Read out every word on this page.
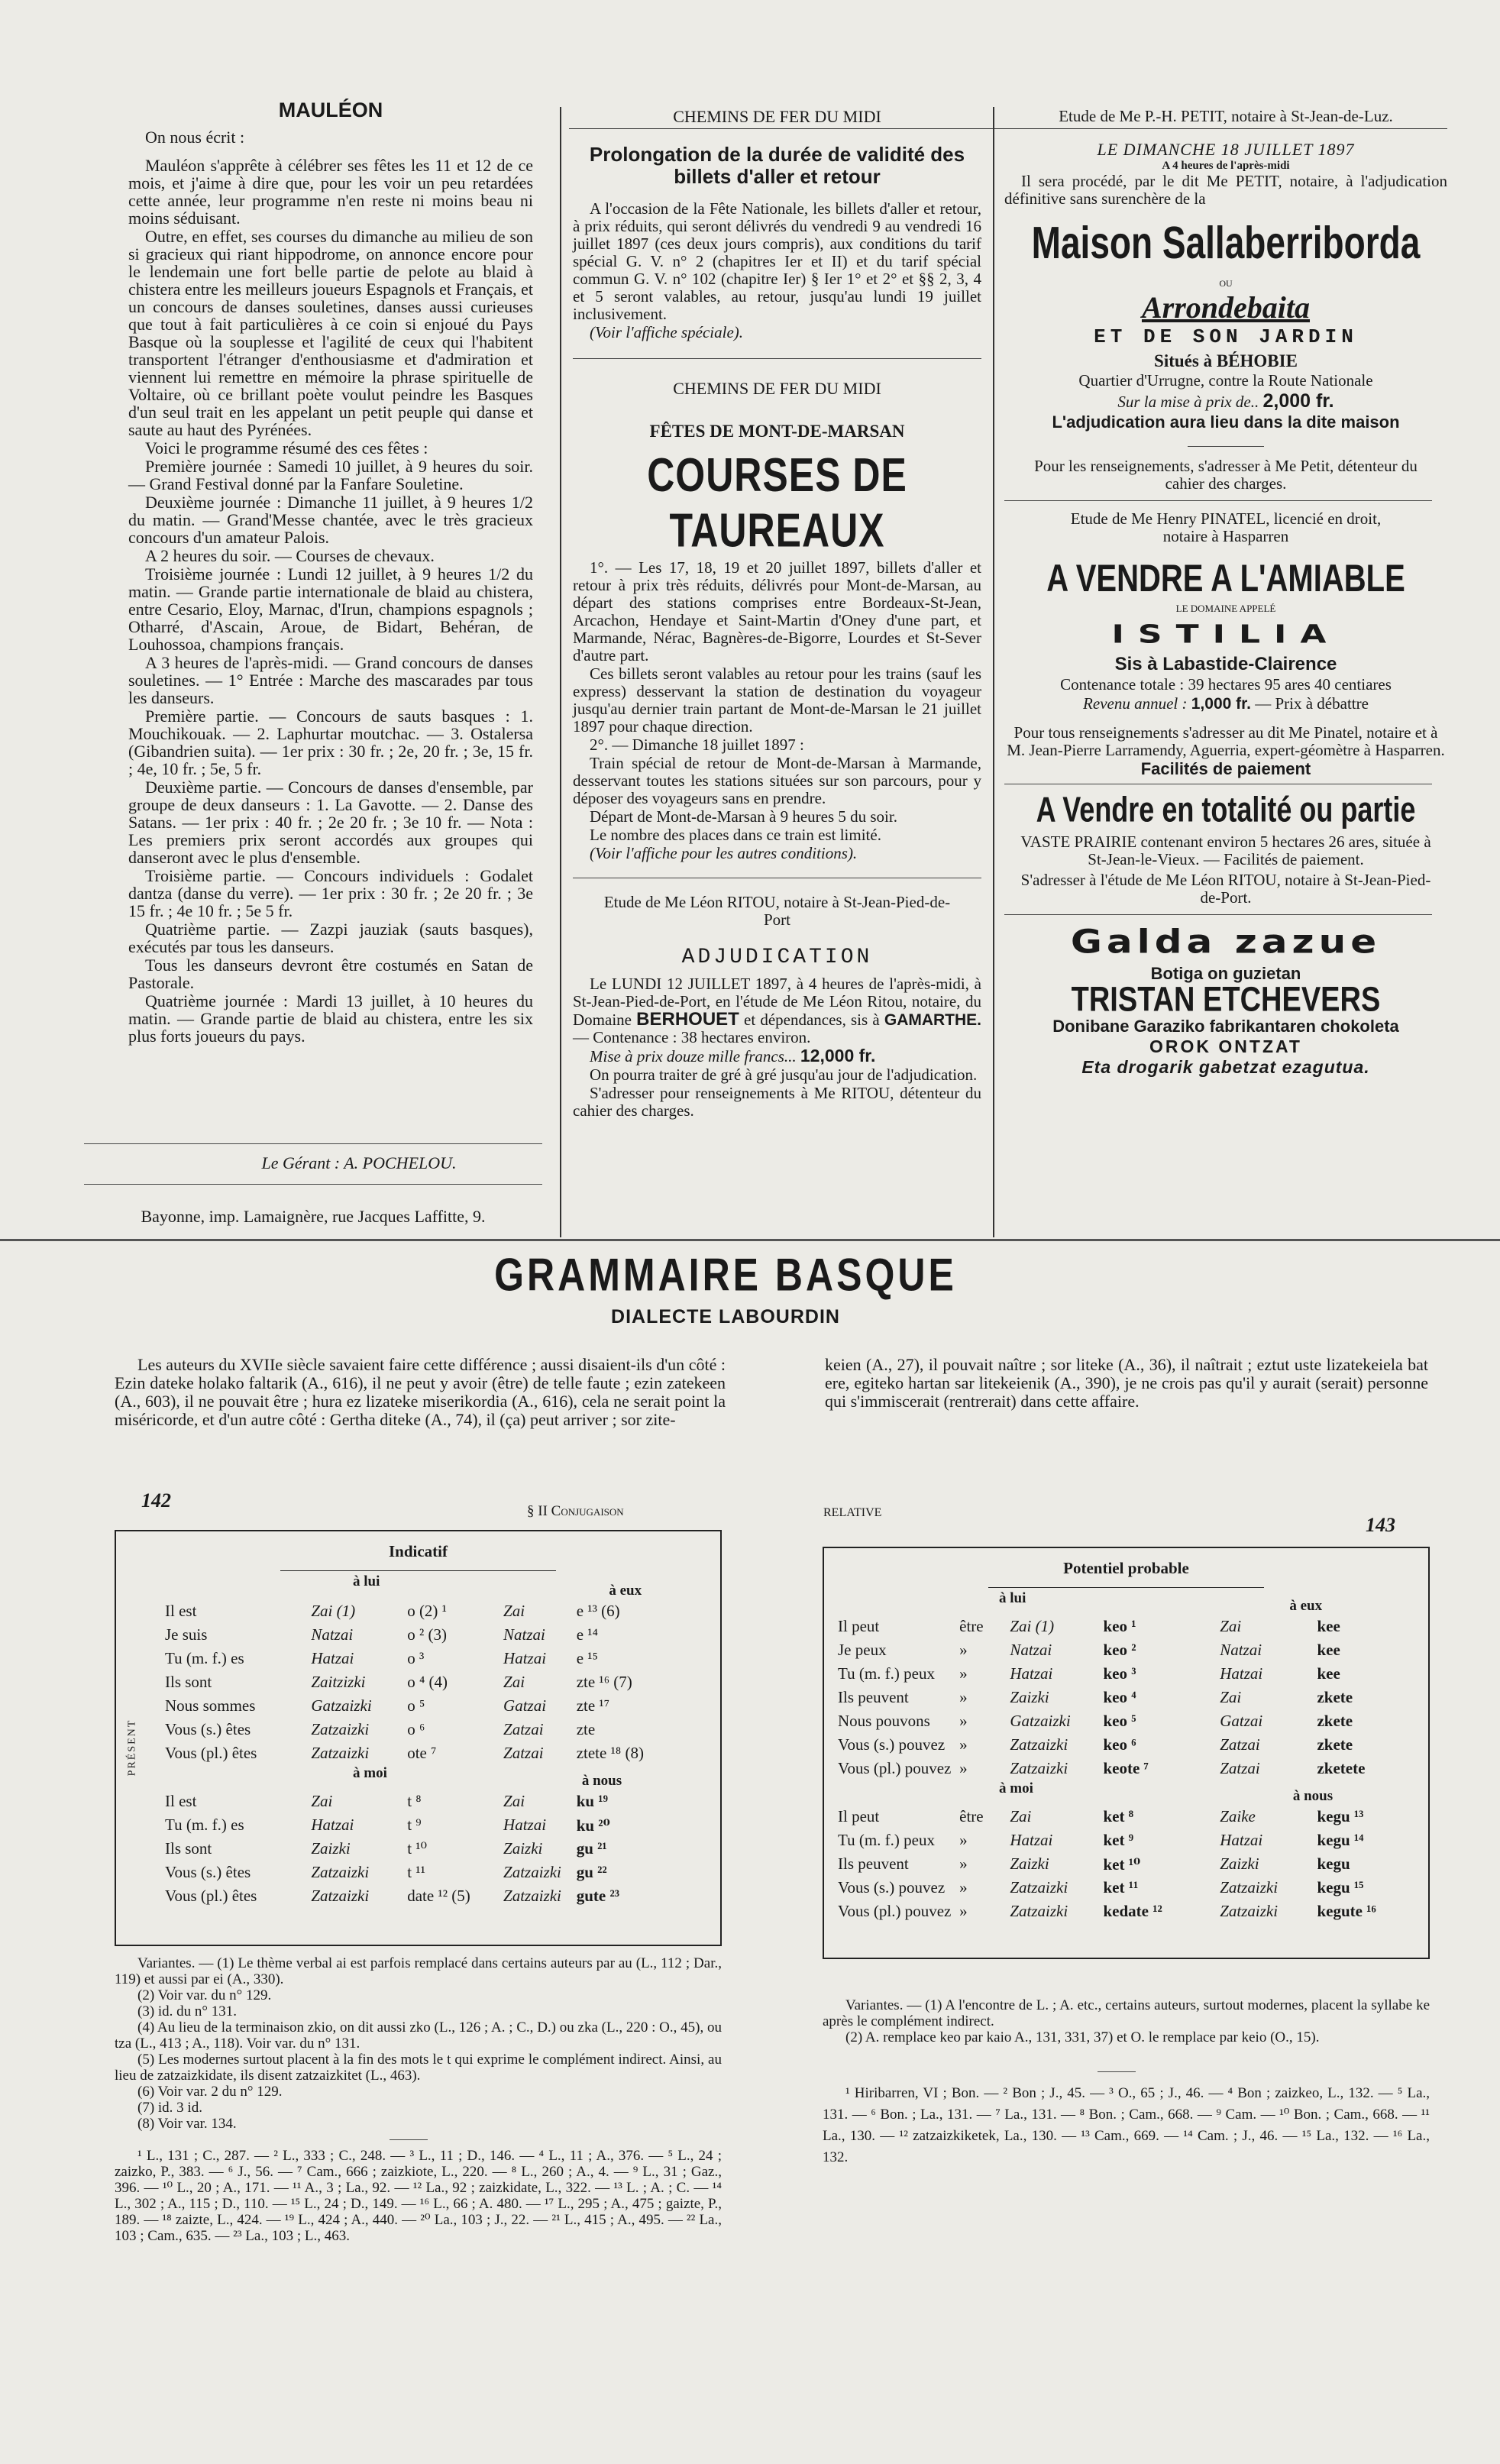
MAULÉON

On nous écrit :

Mauléon s'apprête à célébrer ses fêtes les 11 et 12 de ce mois, et j'aime à dire que, pour les voir un peu retardées cette année, leur programme n'en reste ni moins beau ni moins séduisant.

Outre, en effet, ses courses du dimanche au milieu de son si gracieux qui riant hippodrome, on annonce encore pour le lendemain une fort belle partie de pelote au blaid à chistera entre les meilleurs joueurs Espagnols et Français, et un concours de danses souletines, danses aussi curieuses que tout à fait particulières à ce coin si enjoué du Pays Basque où la souplesse et l'agilité de ceux qui l'habitent transportent l'étranger d'enthousiasme et d'admiration et viennent lui remettre en mémoire la phrase spirituelle de Voltaire, où ce brillant poète voulut peindre les Basques d'un seul trait en les appelant un petit peuple qui danse et saute au haut des Pyrénées.

Voici le programme résumé des ces fêtes :

Première journée : Samedi 10 juillet, à 9 heures du soir. — Grand Festival donné par la Fanfare Souletine.

Deuxième journée : Dimanche 11 juillet, à 9 heures 1/2 du matin. — Grand'Messe chantée, avec le très gracieux concours d'un amateur Palois.

A 2 heures du soir. — Courses de chevaux.

Troisième journée : Lundi 12 juillet, à 9 heures 1/2 du matin. — Grande partie internationale de blaid au chistera, entre Cesario, Eloy, Marnac, d'Irun, champions espagnols ; Otharré, d'Ascain, Aroue, de Bidart, Behéran, de Louhossoa, champions français.

A 3 heures de l'après-midi. — Grand concours de danses souletines. — 1° Entrée : Marche des mascarades par tous les danseurs.

Première partie. — Concours de sauts basques : 1. Mouchikouak. — 2. Laphurtar moutchac. — 3. Ostalersa (Gibandrien suita). — 1er prix : 30 fr. ; 2e, 20 fr. ; 3e, 15 fr. ; 4e, 10 fr. ; 5e, 5 fr.

Deuxième partie. — Concours de danses d'ensemble, par groupe de deux danseurs : 1. La Gavotte. — 2. Danse des Satans. — 1er prix : 40 fr. ; 2e 20 fr. ; 3e 10 fr. — Nota : Les premiers prix seront accordés aux groupes qui danseront avec le plus d'ensemble.

Troisième partie. — Concours individuels : Godalet dantza (danse du verre). — 1er prix : 30 fr. ; 2e 20 fr. ; 3e 15 fr. ; 4e 10 fr. ; 5e 5 fr.

Quatrième partie. — Zazpi jauziak (sauts basques), exécutés par tous les danseurs.

Tous les danseurs devront être costumés en Satan de Pastorale.

Quatrième journée : Mardi 13 juillet, à 10 heures du matin. — Grande partie de blaid au chistera, entre les six plus forts joueurs du pays.

Le Gérant : A. POCHELOU.
Bayonne, imp. Lamaignère, rue Jacques Laffitte, 9.
CHEMINS DE FER DU MIDI
Prolongation de la durée de validité des billets d'aller et retour

A l'occasion de la Fête Nationale, les billets d'aller et retour, à prix réduits, qui seront délivrés du vendredi 9 au vendredi 16 juillet 1897 (ces deux jours compris), aux conditions du tarif spécial G. V. n° 2 (chapitres Ier et II) et du tarif spécial commun G. V. n° 102 (chapitre Ier) § Ier 1° et 2° et §§ 2, 3, 4 et 5 seront valables, au retour, jusqu'au lundi 19 juillet inclusivement.

(Voir l'affiche spéciale).

CHEMINS DE FER DU MIDI
FÊTES DE MONT-DE-MARSAN
COURSES DE TAUREAUX

1°. — Les 17, 18, 19 et 20 juillet 1897, billets d'aller et retour à prix très réduits, délivrés pour Mont-de-Marsan, au départ des stations comprises entre Bordeaux-St-Jean, Arcachon, Hendaye et Saint-Martin d'Oney d'une part, et Marmande, Nérac, Bagnères-de-Bigorre, Lourdes et St-Sever d'autre part.

Ces billets seront valables au retour pour les trains (sauf les express) desservant la station de destination du voyageur jusqu'au dernier train partant de Mont-de-Marsan le 21 juillet 1897 pour chaque direction.

2°. — Dimanche 18 juillet 1897 :

Train spécial de retour de Mont-de-Marsan à Marmande, desservant toutes les stations situées sur son parcours, pour y déposer des voyageurs sans en prendre.

Départ de Mont-de-Marsan à 9 heures 5 du soir.

Le nombre des places dans ce train est limité.

(Voir l'affiche pour les autres conditions).

Etude de Me Léon RITOU, notaire à St-Jean-Pied-de-Port
ADJUDICATION

Le LUNDI 12 JUILLET 1897, à 4 heures de l'après-midi, à St-Jean-Pied-de-Port, en l'étude de Me Léon Ritou, notaire, du Domaine BERHOUET et dépendances, sis à GAMARTHE. — Contenance : 38 hectares environ.

Mise à prix douze mille francs... 12,000 fr.

On pourra traiter de gré à gré jusqu'au jour de l'adjudication.

S'adresser pour renseignements à Me RITOU, détenteur du cahier des charges.

Etude de Me P.-H. PETIT, notaire à St-Jean-de-Luz.
LE DIMANCHE 18 JUILLET 1897
A 4 heures de l'après-midi

Il sera procédé, par le dit Me PETIT, notaire, à l'adjudication définitive sans surenchère de la

Maison Sallaberriborda
OU
Arrondebaita
ET DE SON JARDIN
Situés à BÉHOBIE
Quartier d'Urrugne, contre la Route Nationale
Sur la mise à prix de.. 2,000 fr.
L'adjudication aura lieu dans la dite maison
Pour les renseignements, s'adresser à Me Petit, détenteur du cahier des charges.
Etude de Me Henry PINATEL, licencié en droit, notaire à Hasparren
A VENDRE A L'AMIABLE
LE DOMAINE APPELÉ
ISTILIA
Sis à Labastide-Clairence
Contenance totale : 39 hectares 95 ares 40 centiares
Revenu annuel : 1,000 fr. — Prix à débattre
Pour tous renseignements s'adresser au dit Me Pinatel, notaire et à M. Jean-Pierre Larramendy, Aguerria, expert-géomètre à Hasparren.
Facilités de paiement
A Vendre en totalité ou partie
VASTE PRAIRIE contenant environ 5 hectares 26 ares, située à St-Jean-le-Vieux. — Facilités de paiement.
S'adresser à l'étude de Me Léon RITOU, notaire à St-Jean-Pied-de-Port.
Galda zazue
Botiga on guzietan
TRISTAN ETCHEVERS
Donibane Garaziko fabrikantaren chokoleta
OROK ONTZAT
Eta drogarik gabetzat ezagutua.
GRAMMAIRE BASQUE
DIALECTE LABOURDIN
Les auteurs du XVIIe siècle savaient faire cette différence ; aussi disaient-ils d'un côté : Ezin dateke holako faltarik (A., 616), il ne peut y avoir (être) de telle faute ; ezin zatekeen (A., 603), il ne pouvait être ; hura ez lizateke miserikordia (A., 616), cela ne serait point la miséricorde, et d'un autre côté : Gertha diteke (A., 74), il (ça) peut arriver ; sor zite-
keien (A., 27), il pouvait naître ; sor liteke (A., 36), il naîtrait ; eztut uste lizatekeiela bat ere, egiteko hartan sar litekeienik (A., 390), je ne crois pas qu'il y aurait (serait) personne qui s'immiscerait (rentrerait) dans cette affaire.
142	§ II Conjugaison	RELATIVE
143
Indicatif
PRÉSENT
à lui
à eux
Il est	Zai (1)	o (2) ¹	Zai	e ¹³ (6)
Je suis	Natzai	o ² (3)	Natzai	e ¹⁴
Tu (m. f.) es	Hatzai	o ³	Hatzai	e ¹⁵
Ils sont	Zaitzizki	o ⁴ (4)	Zai	zte ¹⁶ (7)
Nous sommes	Gatzaizki	o ⁵	Gatzai	zte ¹⁷
Vous (s.) êtes	Zatzaizki	o ⁶	Zatzai	zte
Vous (pl.) êtes	Zatzaizki	ote ⁷	Zatzai	ztete ¹⁸ (8)
à moi	à nous
Il est	Zai	t ⁸	Zai	ku ¹⁹
Tu (m. f.) es	Hatzai	t ⁹	Hatzai	ku ²⁰
Ils sont	Zaizki	t ¹⁰	Zaizki	gu ²¹
Vous (s.) êtes	Zatzaizki	t ¹¹	Zatzaizki	gu ²²
Vous (pl.) êtes	Zatzaizki	date ¹² (5)	Zatzaizki	gute ²³
Potentiel probable
à lui	à eux
Il peut	être	Zai (1)	keo ¹	Zai	kee
Je peux	»	Natzai	keo ²	Natzai	kee
Tu (m. f.) peux	»	Hatzai	keo ³	Hatzai	kee
Ils peuvent	»	Zaizki	keo ⁴	Zai	zkete
Nous pouvons	»	Gatzaizki	keo ⁵	Gatzai	zkete
Vous (s.) pouvez	»	Zatzaizki	keo ⁶	Zatzai	zkete
Vous (pl.) pouvez	»	Zatzaizki	keote ⁷	Zatzai	zketete
à moi	à nous
Il peut	être	Zai	ket ⁸	Zaike	kegu ¹³
Tu (m. f.) peux	»	Hatzai	ket ⁹	Hatzai	kegu ¹⁴
Ils peuvent	»	Zaizki	ket ¹⁰	Zaizki	kegu
Vous (s.) pouvez	»	Zatzaizki	ket ¹¹	Zatzaizki	kegu ¹⁵
Vous (pl.) pouvez	»	Zatzaizki	kedate ¹²	Zatzaizki	kegute ¹⁶
Variantes. — (1) Le thème verbal ai est parfois remplacé dans certains auteurs par au (L., 112 ; Dar., 119) et aussi par ei (A., 330).
(2) Voir var. du n° 129.
(3) id. du n° 131.
(4) Au lieu de la terminaison zkio, on dit aussi zko (L., 126 ; A. ; C., D.) ou zka (L., 220 : O., 45), ou tza (L., 413 ; A., 118). Voir var. du n° 131.
(5) Les modernes surtout placent à la fin des mots le t qui exprime le complément indirect. Ainsi, au lieu de zatzaizkidate, ils disent zatzaizkitet (L., 463).
(6) Voir var. 2 du n° 129.
(7) id. 3 id.
(8) Voir var. 134.
¹ L., 131 ; C., 287. — ² L., 333 ; C., 248. — ³ L., 11 ; D., 146. — ⁴ L., 11 ; A., 376. — ⁵ L., 24 ; zaizko, P., 383. — ⁶ J., 56. — ⁷ Cam., 666 ; zaizkiote, L., 220. — ⁸ L., 260 ; A., 4. — ⁹ L., 31 ; Gaz., 396. — ¹⁰ L., 20 ; A., 171. — ¹¹ A., 3 ; La., 92. — ¹² La., 92 ; zaizkidate, L., 322. — ¹³ L. ; A. ; C. — ¹⁴ L., 302 ; A., 115 ; D., 110. — ¹⁵ L., 24 ; D., 149. — ¹⁶ L., 66 ; A. 480. — ¹⁷ L., 295 ; A., 475 ; gaizte, P., 189. — ¹⁸ zaizte, L., 424. — ¹⁹ L., 424 ; A., 440. — ²⁰ La., 103 ; J., 22. — ²¹ L., 415 ; A., 495. — ²² La., 103 ; Cam., 635. — ²³ La., 103 ; L., 463.
Variantes. — (1) A l'encontre de L. ; A. etc., certains auteurs, surtout modernes, placent la syllabe ke après le complément indirect.
(2) A. remplace keo par kaio A., 131, 331, 37) et O. le remplace par keio (O., 15).
¹ Hiribarren, VI ; Bon. — ² Bon ; J., 45. — ³ O., 65 ; J., 46. — ⁴ Bon ; zaizkeo, L., 132. — ⁵ La., 131. — ⁶ Bon. ; La., 131. — ⁷ La., 131. — ⁸ Bon. ; Cam., 668. — ⁹ Cam. — ¹⁰ Bon. ; Cam., 668. — ¹¹ La., 130. — ¹² zatzaizkiketek, La., 130. — ¹³ Cam., 669. — ¹⁴ Cam. ; J., 46. — ¹⁵ La., 132. — ¹⁶ La., 132.
